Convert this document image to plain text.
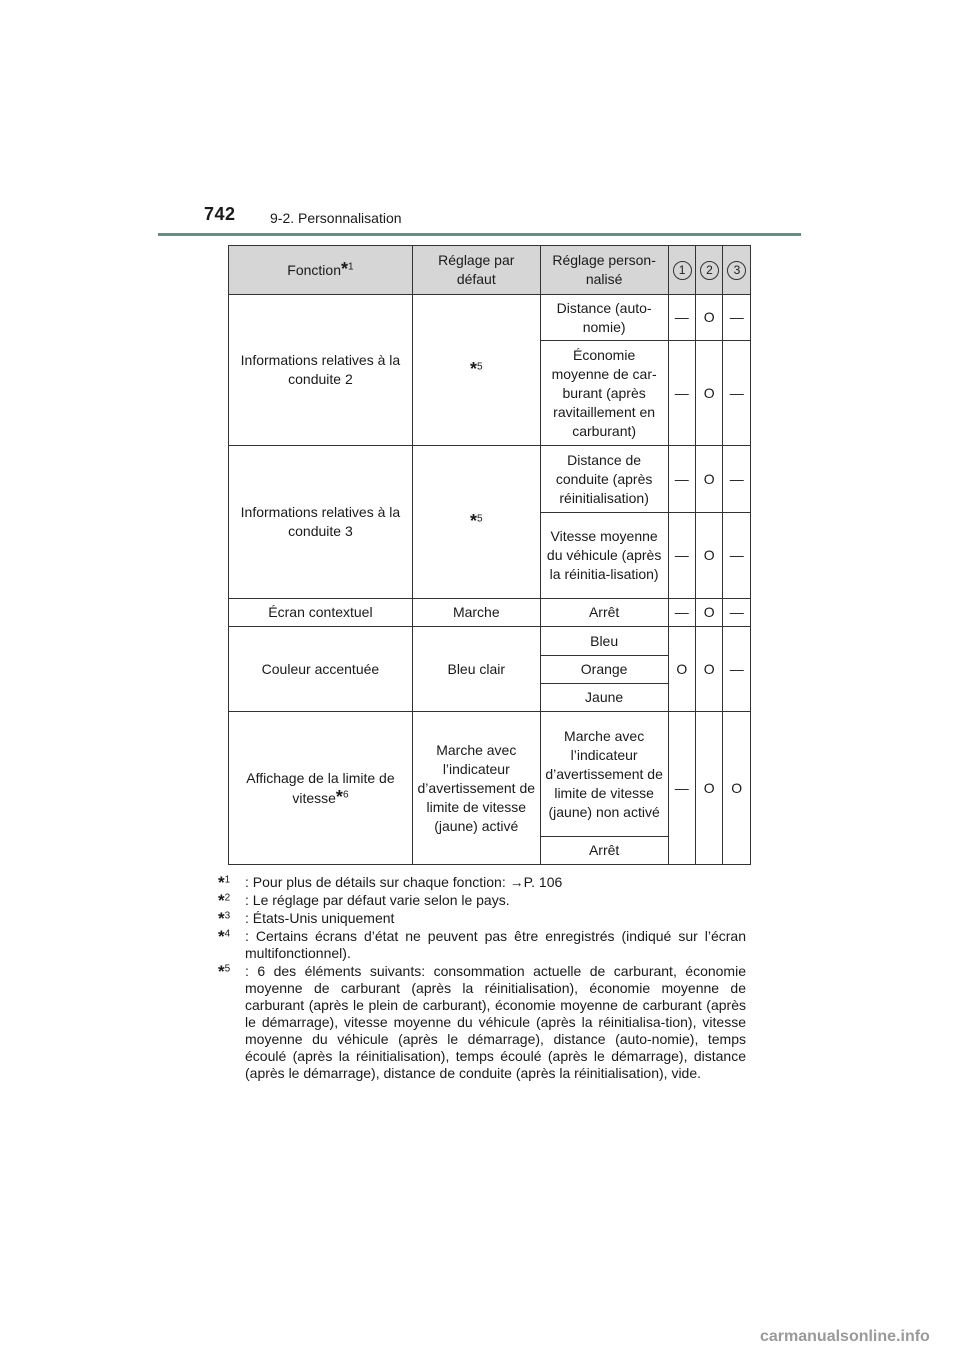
742 9-2. Personnalisation
Fonction*$^1$	Réglage par défaut	Réglage person-nalisé	1	2	3
Informations relatives à la conduite 2	*$^5$	Distance (auto-nomie)	—	O	—
		Économie moyenne de car-burant (après ravitaillement en carburant)	—	O	—
Informations relatives à la conduite 3	*$^5$	Distance de conduite (après réinitialisation)	—	O	—
		Vitesse moyenne du véhicule (après la réinitia-lisation)	—	O	—
Écran contextuel	Marche	Arrêt	—	O	—
Couleur accentuée	Bleu clair	Bleu	O	O	—
		Orange			
		Jaune			
Affichage de la limite de vitesse*$^6$	Marche avec l’indicateur d’avertissement de limite de vitesse (jaune) activé	Marche avec l’indicateur d’avertissement de limite de vitesse (jaune) non activé	—	O	O
		Arrêt			
*$^1$ : Pour plus de détails sur chaque fonction: →P. 106
*$^2$ : Le réglage par défaut varie selon le pays.
*$^3$ : États-Unis uniquement
*$^4$ : Certains écrans d’état ne peuvent pas être enregistrés (indiqué sur l’écran multifonctionnel).
*$^5$ : 6 des éléments suivants: consommation actuelle de carburant, économie moyenne de carburant (après la réinitialisation), économie moyenne de carburant (après le plein de carburant), économie moyenne de carburant (après le démarrage), vitesse moyenne du véhicule (après la réinitialisa-tion), vitesse moyenne du véhicule (après le démarrage), distance (auto-nomie), temps écoulé (après la réinitialisation), temps écoulé (après le démarrage), distance (après le démarrage), distance de conduite (après la réinitialisation), vide.
carmanualsonline.info
